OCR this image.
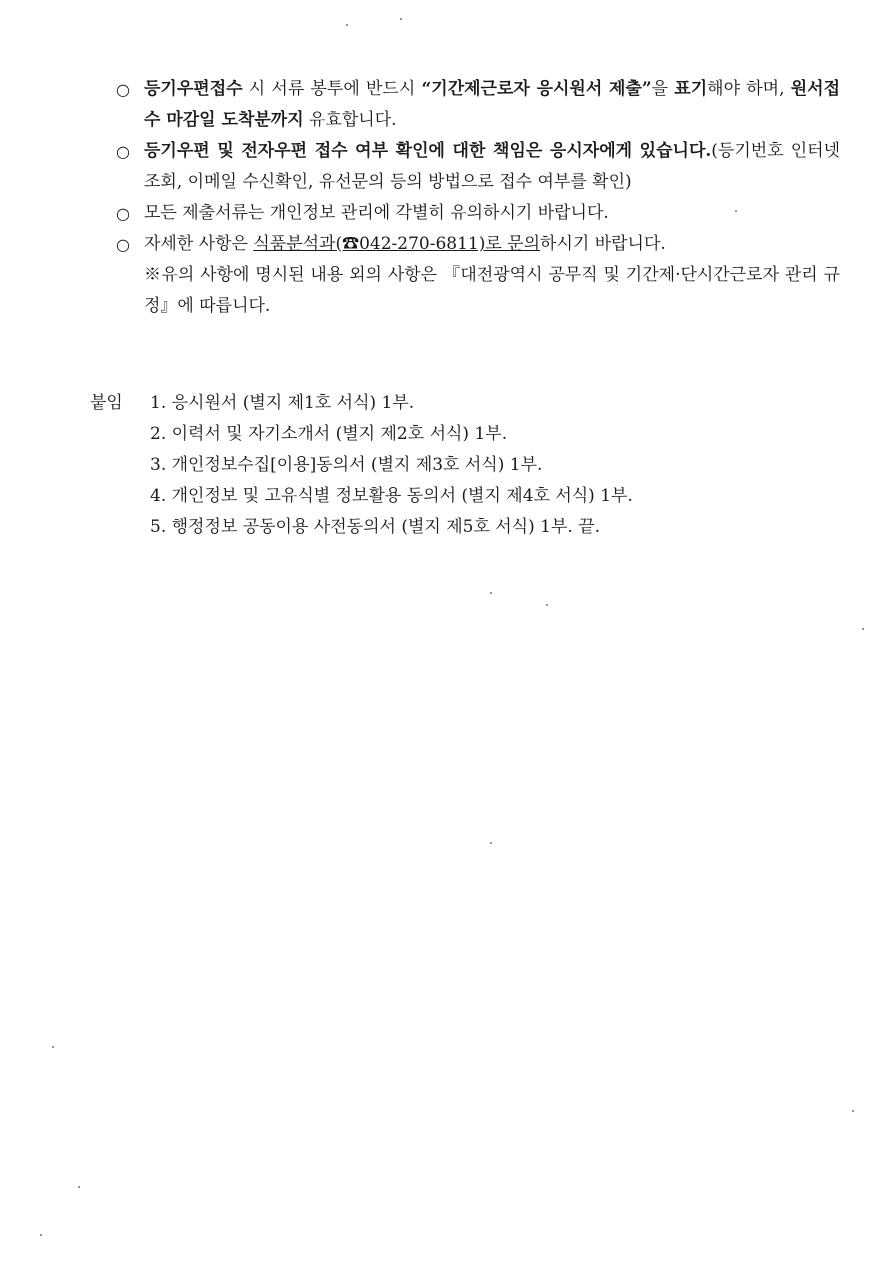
○ 등기우편접수 시 서류 봉투에 반드시 “기간제근로자 응시원서 제출”을 표기해야 하며, 원서접수 마감일 도착분까지 유효합니다.

○ 등기우편 및 전자우편 접수 여부 확인에 대한 책임은 응시자에게 있습니다.(등기번호 인터넷 조회, 이메일 수신확인, 유선문의 등의 방법으로 접수 여부를 확인)

○ 모든 제출서류는 개인정보 관리에 각별히 유의하시기 바랍니다.

○ 자세한 사항은 식품분석과(☎042-270-6811)로 문의하시기 바랍니다.

※유의 사항에 명시된 내용 외의 사항은 『대전광역시 공무직 및 기간제·단시간근로자 관리 규정』에 따릅니다.
붙임 1. 응시원서 (별지 제1호 서식) 1부.
2. 이력서 및 자기소개서 (별지 제2호 서식) 1부.
3. 개인정보수집[이용]동의서 (별지 제3호 서식) 1부.
4. 개인정보 및 고유식별 정보활용 동의서 (별지 제4호 서식) 1부.
5. 행정정보 공동이용 사전동의서 (별지 제5호 서식) 1부. 끝.
